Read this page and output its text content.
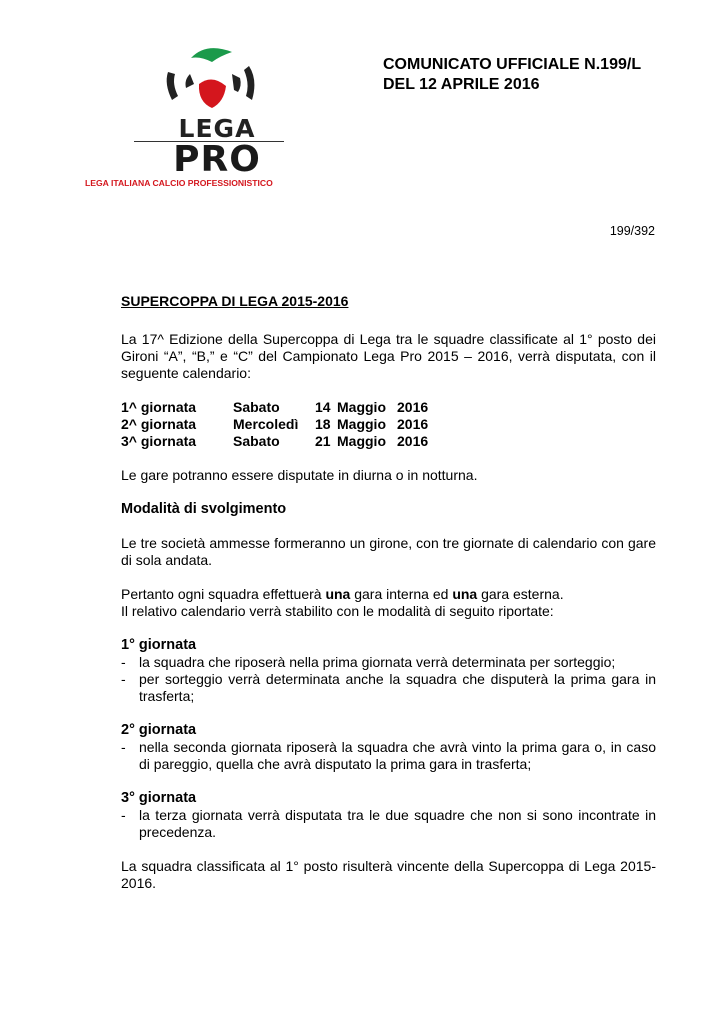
LEGA
PRO
LEGA ITALIANA CALCIO PROFESSIONISTICO
COMUNICATO UFFICIALE N.199/L
DEL 12 APRILE 2016
199/392
SUPERCOPPA DI LEGA 2015-2016

La 17^ Edizione della Supercoppa di Lega tra le squadre classificate al 1° posto dei Gironi “A”, “B,” e “C” del Campionato Lega Pro 2015 – 2016, verrà disputata, con il seguente calendario:

1^ giornata	Sabato	14 Maggio 2016
2^ giornata	Mercoledì	18 Maggio 2016
3^ giornata	Sabato	21 Maggio 2016

Le gare potranno essere disputate in diurna o in notturna.

Modalità di svolgimento

Le tre società ammesse formeranno un girone, con tre giornate di calendario con gare di sola andata.

Pertanto ogni squadra effettuerà una gara interna ed una gara esterna.

Il relativo calendario verrà stabilito con le modalità di seguito riportate:

1° giornata
- la squadra che riposerà nella prima giornata verrà determinata per sorteggio;
- per sorteggio verrà determinata anche la squadra che disputerà la prima gara in trasferta;
2° giornata
- nella seconda giornata riposerà la squadra che avrà vinto la prima gara o, in caso di pareggio, quella che avrà disputato la prima gara in trasferta;
3° giornata
- la terza giornata verrà disputata tra le due squadre che non si sono incontrate in precedenza.

La squadra classificata al 1° posto risulterà vincente della Supercoppa di Lega 2015-2016.
